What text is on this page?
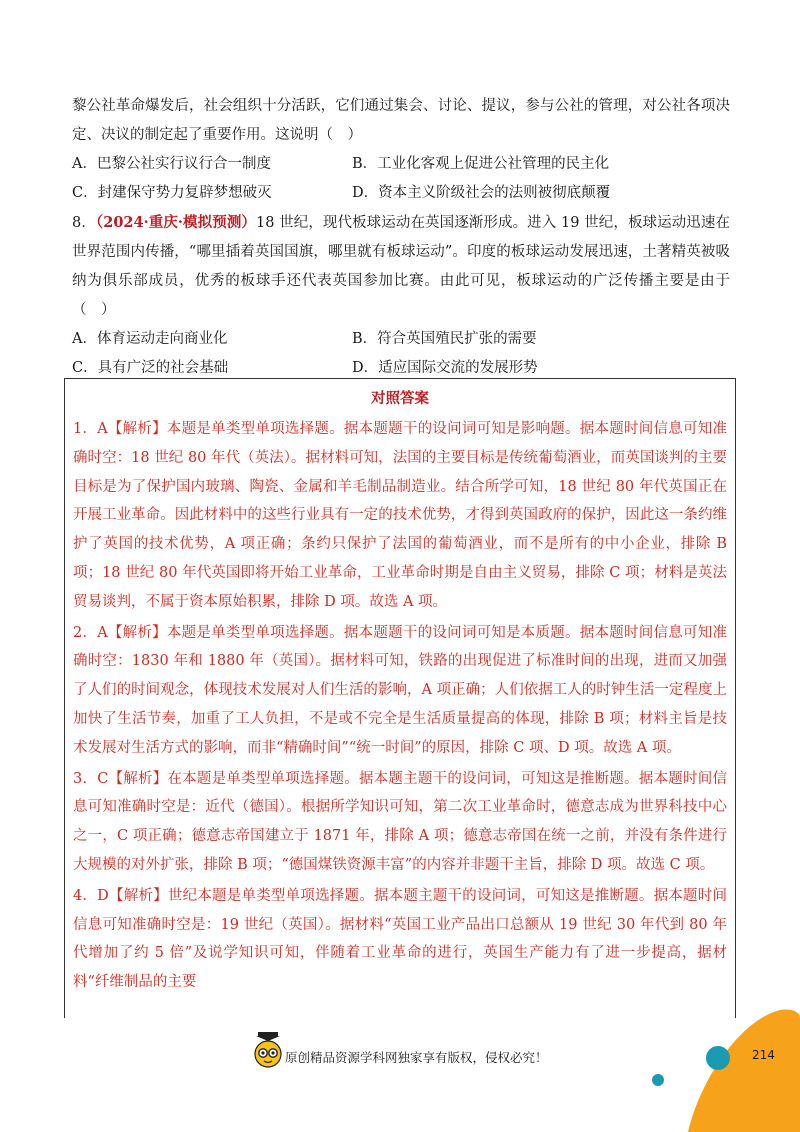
黎公社革命爆发后，社会组织十分活跃，它们通过集会、讨论、提议，参与公社的管理，对公社各项决定、决议的制定起了重要作用。这说明（　）
A．巴黎公社实行议行合一制度	B．工业化客观上促进公社管理的民主化
C．封建保守势力复辟梦想破灭	D．资本主义阶级社会的法则被彻底颠覆
8．（2024·重庆·模拟预测）18 世纪，现代板球运动在英国逐渐形成。进入 19 世纪，板球运动迅速在世界范围内传播，“哪里插着英国国旗，哪里就有板球运动”。印度的板球运动发展迅速，土著精英被吸纳为俱乐部成员，优秀的板球手还代表英国参加比赛。由此可见，板球运动的广泛传播主要是由于（　）
A．体育运动走向商业化	B．符合英国殖民扩张的需要
C．具有广泛的社会基础	D．适应国际交流的发展形势
对照答案
1．A【解析】本题是单类型单项选择题。据本题题干的设问词可知是影响题。据本题时间信息可知准确时空：18 世纪 80 年代（英法）。据材料可知，法国的主要目标是传统葡萄酒业，而英国谈判的主要目标是为了保护国内玻璃、陶瓷、金属和羊毛制品制造业。结合所学可知，18 世纪 80 年代英国正在开展工业革命。因此材料中的这些行业具有一定的技术优势，才得到英国政府的保护，因此这一条约维护了英国的技术优势，A 项正确；条约只保护了法国的葡萄酒业，而不是所有的中小企业，排除 B 项；18 世纪 80 年代英国即将开始工业革命，工业革命时期是自由主义贸易，排除 C 项；材料是英法贸易谈判，不属于资本原始积累，排除 D 项。故选 A 项。
2．A【解析】本题是单类型单项选择题。据本题题干的设问词可知是本质题。据本题时间信息可知准确时空：1830 年和 1880 年（英国）。据材料可知，铁路的出现促进了标准时间的出现，进而又加强了人们的时间观念，体现技术发展对人们生活的影响，A 项正确；人们依据工人的时钟生活一定程度上加快了生活节奏，加重了工人负担，不是或不完全是生活质量提高的体现，排除 B 项；材料主旨是技术发展对生活方式的影响，而非“精确时间”“统一时间”的原因，排除 C 项、D 项。故选 A 项。
3．C【解析】在本题是单类型单项选择题。据本题主题干的设问词，可知这是推断题。据本题时间信息可知准确时空是：近代（德国）。根据所学知识可知，第二次工业革命时，德意志成为世界科技中心之一，C 项正确；德意志帝国建立于 1871 年，排除 A 项；德意志帝国在统一之前，并没有条件进行大规模的对外扩张，排除 B 项；“德国煤铁资源丰富”的内容并非题干主旨，排除 D 项。故选 C 项。
4．D【解析】世纪本题是单类型单项选择题。据本题主题干的设问词，可知这是推断题。据本题时间信息可知准确时空是：19 世纪（英国）。据材料“英国工业产品出口总额从 19 世纪 30 年代到 80 年代增加了约 5 倍”及说学知识可知，伴随着工业革命的进行，英国生产能力有了进一步提高，据材料“纤维制品的主要
原创精品资源学科网独家享有版权，侵权必究！	214
